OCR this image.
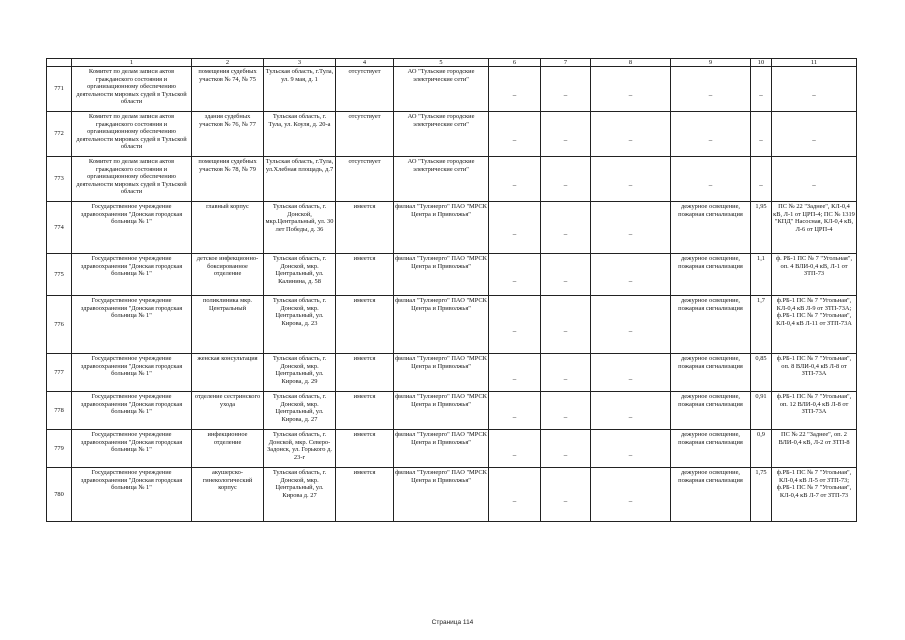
	1	2	3	4	5	6	7	8	9	10	11
771	Комитет по делам записи актов гражданского состояния и организационному обеспечению деятельности мировых судей в Тульской области	помещения судебных участков № 74, № 75	Тульская область, г.Тула, ул. 9 мая, д. 1	отсутствует	АО "Тульские городские электрические сети"	–	–	–	–	–	–
772	Комитет по делам записи актов гражданского состояния и организационному обеспечению деятельности мировых судей в Тульской области	здания судебных участков № 76, № 77	Тульская область, г. Тула, ул. Коуля, д. 20-а	отсутствует	АО "Тульские городские электрические сети"	–	–	–	–	–	–
773	Комитет по делам записи актов гражданского состояния и организационному обеспечению деятельности мировых судей в Тульской области	помещения судебных участков № 78, № 79	Тульская область, г.Тула, ул.Хлебная площадь, д.7	отсутствует	АО "Тульские городские электрические сети"	–	–	–	–	–	–
774	Государственное учреждение здравоохранения "Донская городская больница № 1"	главный корпус	Тульская область, г. Донской, мкр.Центральный, ул. 30 лет Победы, д. 36	имеется	филиал "Тулэнерго" ПАО "МРСК Центра и Приволжья"	–	–	–	дежурное освещение, пожарная сигнализация	1,95	ПС № 22 "Заднее", КЛ-0,4 кВ, Л-1 от ЦРП-4; ПС № 1319 "КПД" Насосная, КЛ-0,4 кВ, Л-6 от ЦРП-4
775	Государственное учреждение здравоохранения "Донская городская больница № 1"	детское инфекционно-боксированное отделение	Тульская область, г. Донской, мкр. Центральный, ул. Калинина, д. 58	имеется	филиал "Тулэнерго" ПАО "МРСК Центра и Приволжья"	–	–	–	дежурное освещение, пожарная сигнализация	1,1	ф. РБ-1 ПС № 7 "Угольная", оп. 4 ВЛИ-0,4 кВ, Л-1 от ЗТП-73
776	Государственное учреждение здравоохранения "Донская городская больница № 1"	поликлиника мкр. Центральный	Тульская область, г. Донской, мкр. Центральный, ул. Кирова, д. 23	имеется	филиал "Тулэнерго" ПАО "МРСК Центра и Приволжья"	–	–	–	дежурное освещение, пожарная сигнализация	1,7	ф.РБ-1 ПС № 7 "Угольная", КЛ-0,4 кВ Л-9 от ЗТП-73А; ф.РБ-1 ПС № 7 "Угольная", КЛ-0,4 кВ Л-11 от ЗТП-73А
777	Государственное учреждение здравоохранения "Донская городская больница № 1"	женская консультация	Тульская область, г. Донской, мкр. Центральный, ул. Кирова, д. 29	имеется	филиал "Тулэнерго" ПАО "МРСК Центра и Приволжья"	–	–	–	дежурное освещение, пожарная сигнализация	0,85	ф.РБ-1 ПС № 7 "Угольная", оп. 8 ВЛИ-0,4 кВ Л-8 от ЗТП-73А
778	Государственное учреждение здравоохранения "Донская городская больница № 1"	отделение сестринского ухода	Тульская область, г. Донской, мкр. Центральный, ул. Кирова, д. 27	имеется	филиал "Тулэнерго" ПАО "МРСК Центра и Приволжья"	–	–	–	дежурное освещение, пожарная сигнализация	0,91	ф.РБ-1 ПС № 7 "Угольная", оп. 12 ВЛИ-0,4 кВ Л-8 от ЗТП-73А
779	Государственное учреждение здравоохранения "Донская городская больница № 1"	инфекционное отделение	Тульская область, г. Донской, мкр. Северо-Задонск, ул. Горького д. 23-г	имеется	филиал "Тулэнерго" ПАО "МРСК Центра и Приволжья"	–	–	–	дежурное освещение, пожарная сигнализация	0,9	ПС № 22 "Заднее", оп. 2 ВЛИ-0,4 кВ, Л-2 от ЗТП-8
780	Государственное учреждение здравоохранения "Донская городская больница № 1"	акушерско-гинекологический корпус	Тульская область, г. Донской, мкр. Центральный, ул. Кирова д. 27	имеется	филиал "Тулэнерго" ПАО "МРСК Центра и Приволжья"	–	–	–	дежурное освещение, пожарная сигнализация	1,75	ф.РБ-1 ПС № 7 "Угольная", КЛ-0,4 кВ Л-5 от ЗТП-73; ф.РБ-1 ПС № 7 "Угольная", КЛ-0,4 кВ Л-7 от ЗТП-73
Страница 114
